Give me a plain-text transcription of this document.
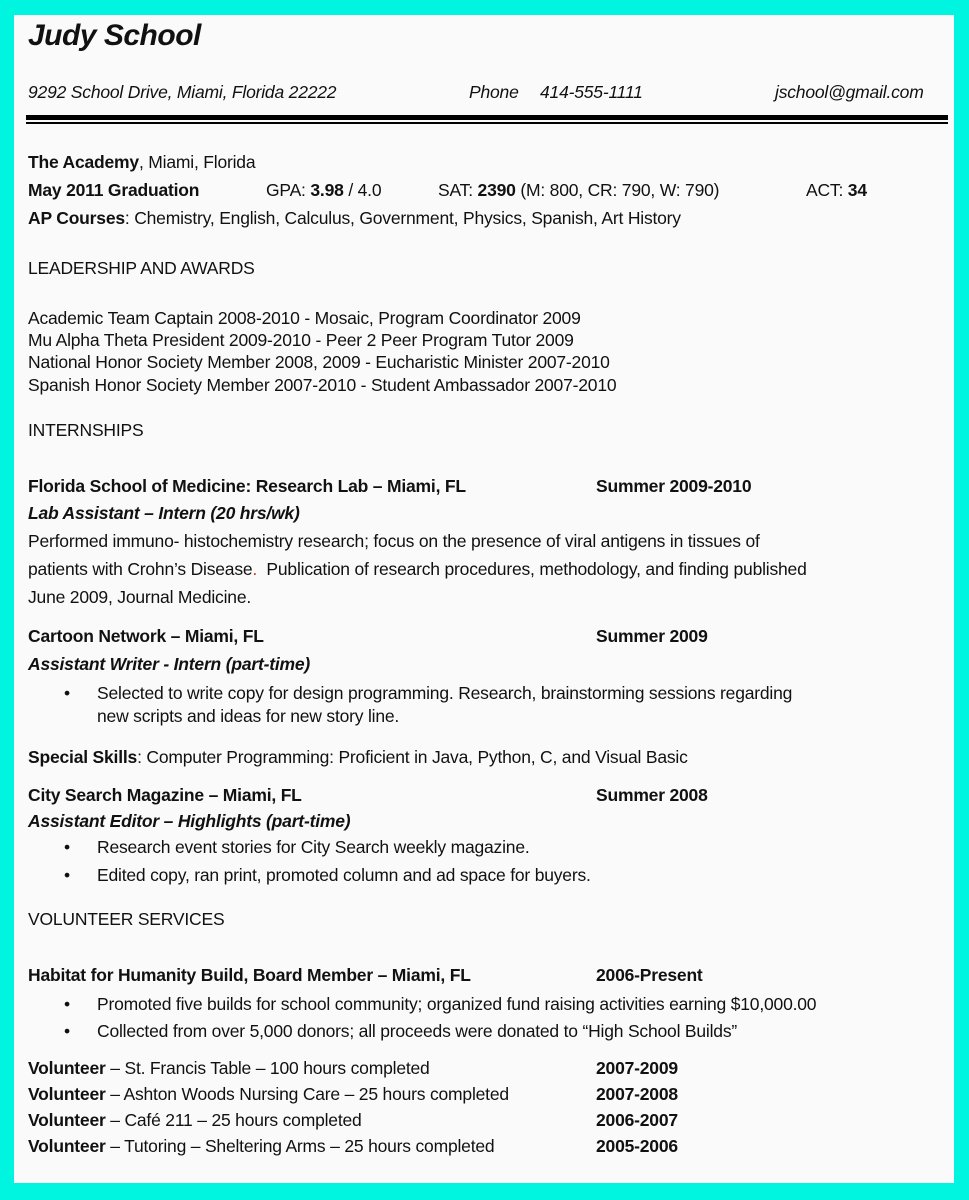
Judy School
9292 School Drive, Miami, Florida 22222	Phone 414-555-1111	jschool@gmail.com
The Academy, Miami, Florida
May 2011 Graduation	GPA: 3.98 / 4.0	SAT: 2390 (M: 800, CR: 790, W: 790)	ACT: 34
AP Courses: Chemistry, English, Calculus, Government, Physics, Spanish, Art History
LEADERSHIP AND AWARDS
Academic Team Captain 2008-2010 - Mosaic, Program Coordinator 2009
Mu Alpha Theta President 2009-2010 - Peer 2 Peer Program Tutor 2009
National Honor Society Member 2008, 2009 - Eucharistic Minister 2007-2010
Spanish Honor Society Member 2007-2010 - Student Ambassador 2007-2010
INTERNSHIPS
Florida School of Medicine: Research Lab – Miami, FL	Summer 2009-2010
Lab Assistant – Intern (20 hrs/wk)
Performed immuno- histochemistry research; focus on the presence of viral antigens in tissues of
patients with Crohn’s Disease. Publication of research procedures, methodology, and finding published
June 2009, Journal Medicine.
Cartoon Network – Miami, FL	Summer 2009
Assistant Writer - Intern (part-time)
• Selected to write copy for design programming. Research, brainstorming sessions regarding
new scripts and ideas for new story line.
Special Skills: Computer Programming: Proficient in Java, Python, C, and Visual Basic
City Search Magazine – Miami, FL	Summer 2008
Assistant Editor – Highlights (part-time)
• Research event stories for City Search weekly magazine.
• Edited copy, ran print, promoted column and ad space for buyers.
VOLUNTEER SERVICES
Habitat for Humanity Build, Board Member – Miami, FL	2006-Present
• Promoted five builds for school community; organized fund raising activities earning $10,000.00
• Collected from over 5,000 donors; all proceeds were donated to “High School Builds”
Volunteer – St. Francis Table – 100 hours completed	2007-2009
Volunteer – Ashton Woods Nursing Care – 25 hours completed	2007-2008
Volunteer – Café 211 – 25 hours completed	2006-2007
Volunteer – Tutoring – Sheltering Arms – 25 hours completed	2005-2006
